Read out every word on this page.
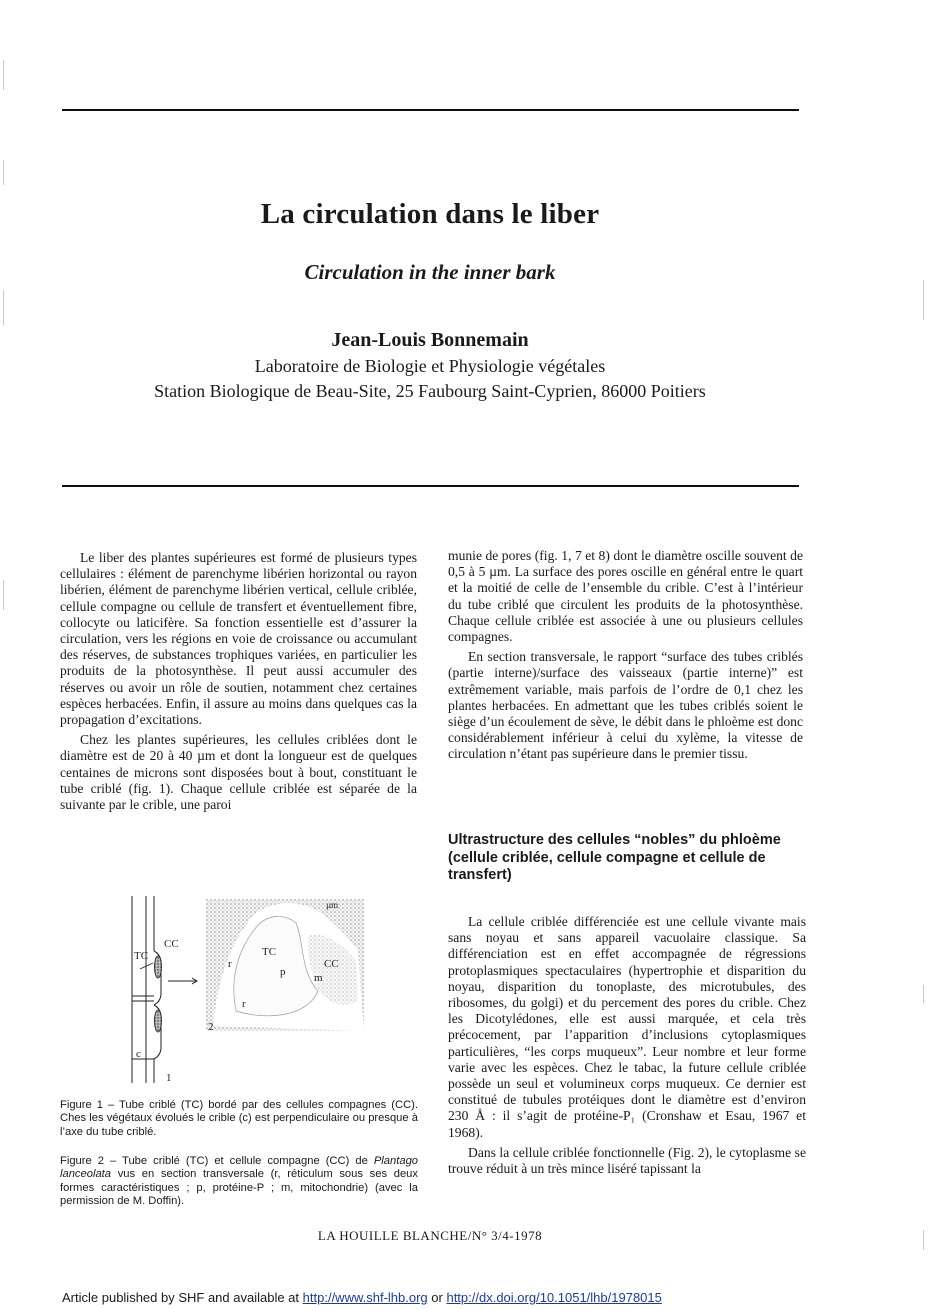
La circulation dans le liber
Circulation in the inner bark
Jean-Louis Bonnemain
Laboratoire de Biologie et Physiologie végétales
Station Biologique de Beau-Site, 25 Faubourg Saint-Cyprien, 86000 Poitiers

Le liber des plantes supérieures est formé de plusieurs types cellulaires : élément de parenchyme libérien horizontal ou rayon libérien, élément de parenchyme libérien vertical, cellule criblée, cellule compagne ou cellule de transfert et éventuellement fibre, collocyte ou laticifère. Sa fonction essentielle est d’assurer la circulation, vers les régions en voie de croissance ou accumulant des réserves, de substances trophiques variées, en particulier les produits de la photosynthèse. Il peut aussi accumuler des réserves ou avoir un rôle de soutien, notamment chez certaines espèces herbacées. Enfin, il assure au moins dans quelques cas la propagation d’excitations.

Chez les plantes supérieures, les cellules criblées dont le diamètre est de 20 à 40 µm et dont la longueur est de quelques centaines de microns sont disposées bout à bout, constituant le tube criblé (fig. 1). Chaque cellule criblée est séparée de la suivante par le crible, une paroi

munie de pores (fig. 1, 7 et 8) dont le diamètre oscille souvent de 0,5 à 5 µm. La surface des pores oscille en général entre le quart et la moitié de celle de l’ensemble du crible. C’est à l’intérieur du tube criblé que circulent les produits de la photosynthèse. Chaque cellule criblée est associée à une ou plusieurs cellules compagnes.

En section transversale, le rapport “surface des tubes criblés (partie interne)/surface des vaisseaux (partie interne)” est extrêmement variable, mais parfois de l’ordre de 0,1 chez les plantes herbacées. En admettant que les tubes criblés soient le siège d’un écoulement de sève, le débit dans le phloème est donc considérablement inférieur à celui du xylème, la vitesse de circulation n’étant pas supérieure dans le premier tissu.

Ultrastructure des cellules “nobles” du phloème (cellule criblée, cellule compagne et cellule de transfert)

La cellule criblée différenciée est une cellule vivante mais sans noyau et sans appareil vacuolaire classique. Sa différenciation est en effet accompagnée de régressions protoplasmiques spectaculaires (hypertrophie et disparition du noyau, disparition du tonoplaste, des microtubules, des ribosomes, du golgi) et du percement des pores du crible. Chez les Dicotylédones, elle est aussi marquée, et cela très précocement, par l’apparition d’inclusions cytoplasmiques particulières, “les corps muqueux”. Leur nombre et leur forme varie avec les espèces. Chez le tabac, la future cellule criblée possède un seul et volumineux corps muqueux. Ce dernier est constitué de tubules protéiques dont le diamètre est d’environ 230 Å : il s’agit de protéine-P₁ (Cronshaw et Esau, 1967 et 1968).

Dans la cellule criblée fonctionnelle (Fig. 2), le cytoplasme se trouve réduit à un très mince liséré tapissant la

TC
CC
c
1
2
TC
p
CC
m
r
r
µm
Figure 1 – Tube criblé (TC) bordé par des cellules compagnes (CC). Ches les végétaux évolués le crible (c) est perpendiculaire ou presque à l’axe du tube criblé.
Figure 2 – Tube criblé (TC) et cellule compagne (CC) de Plantago lanceolata vus en section transversale (r, réticulum sous ses deux formes caractéristiques ; p, protéine-P ; m, mitochondrie) (avec la permission de M. Doffin).
LA HOUILLE BLANCHE/N° 3/4-1978
Article published by SHF and available at http://www.shf-lhb.org or http://dx.doi.org/10.1051/lhb/1978015
